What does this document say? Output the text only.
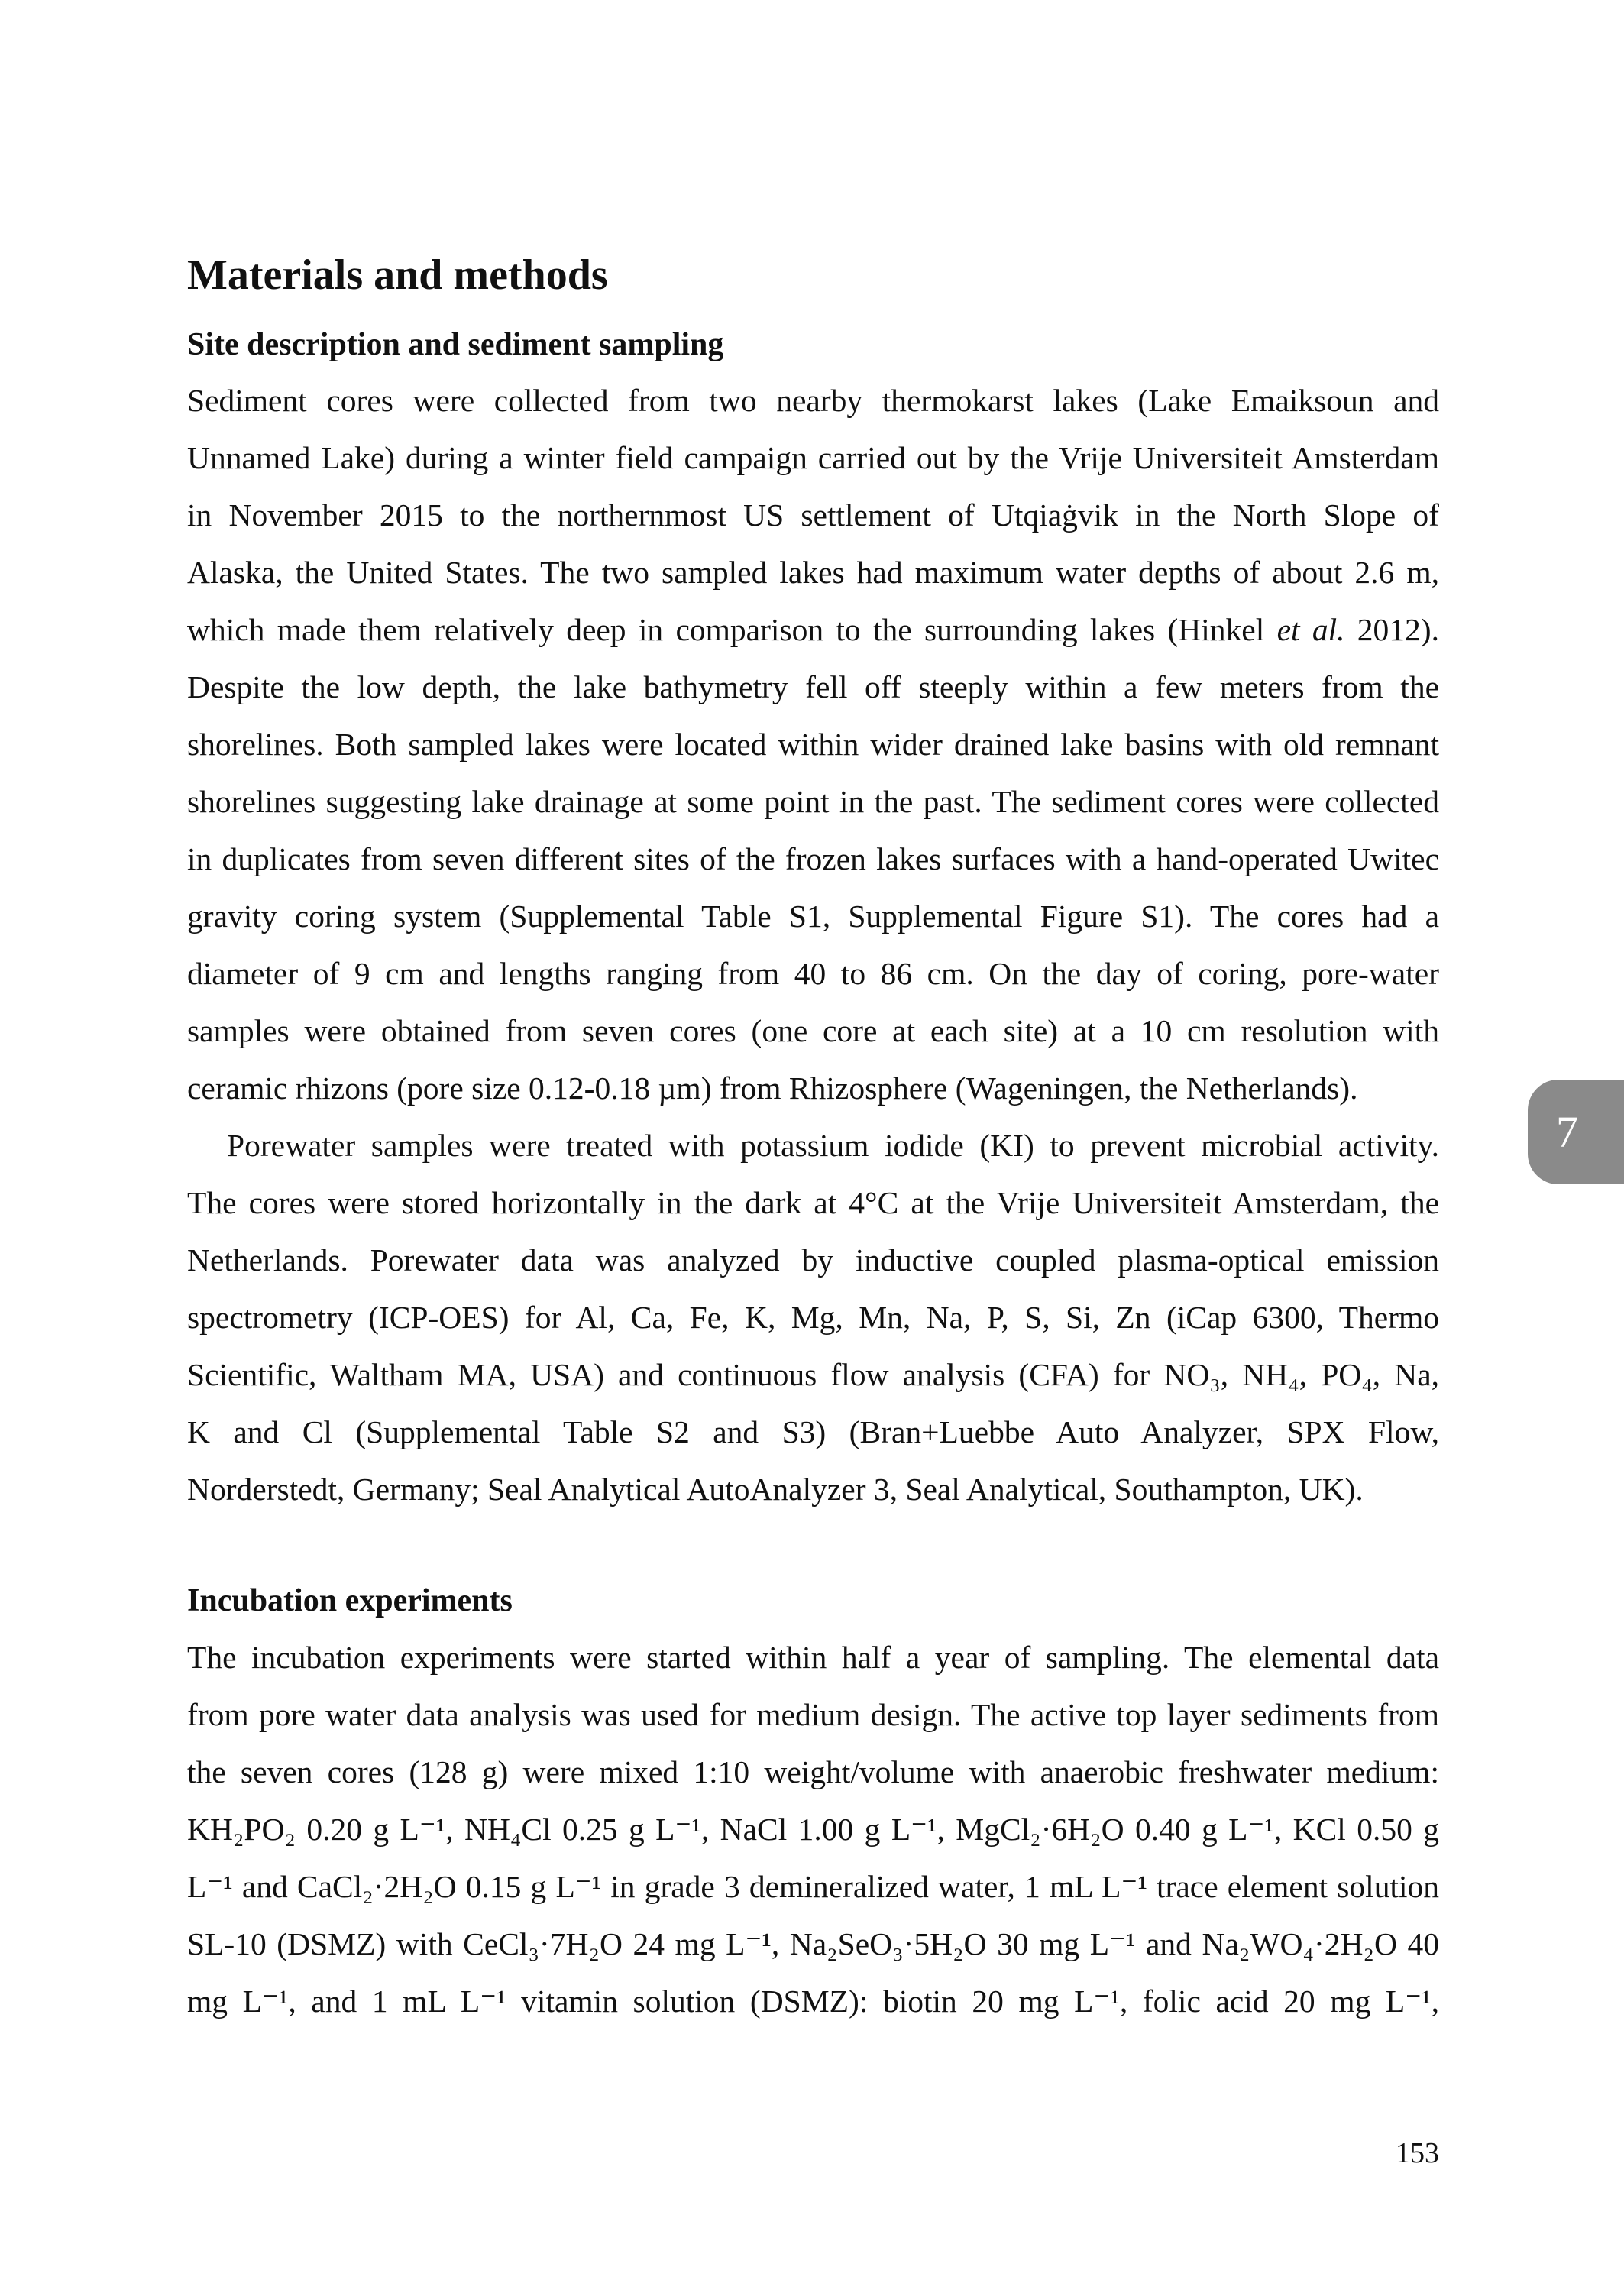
Materials and methods
Site description and sediment sampling
Sediment cores were collected from two nearby thermokarst lakes (Lake Emaiksoun and
Unnamed Lake) during a winter field campaign carried out by the Vrije Universiteit Amsterdam
in November 2015 to the northernmost US settlement of Utqiaġvik in the North Slope of
Alaska, the United States. The two sampled lakes had maximum water depths of about 2.6 m,
which made them relatively deep in comparison to the surrounding lakes (Hinkel et al. 2012).
Despite the low depth, the lake bathymetry fell off steeply within a few meters from the
shorelines. Both sampled lakes were located within wider drained lake basins with old remnant
shorelines suggesting lake drainage at some point in the past. The sediment cores were collected
in duplicates from seven different sites of the frozen lakes surfaces with a hand-operated Uwitec
gravity coring system (Supplemental Table S1, Supplemental Figure S1). The cores had a
diameter of 9 cm and lengths ranging from 40 to 86 cm. On the day of coring, pore-water
samples were obtained from seven cores (one core at each site) at a 10 cm resolution with
ceramic rhizons (pore size 0.12-0.18 µm) from Rhizosphere (Wageningen, the Netherlands).
Porewater samples were treated with potassium iodide (KI) to prevent microbial activity.
The cores were stored horizontally in the dark at 4°C at the Vrije Universiteit Amsterdam, the
Netherlands. Porewater data was analyzed by inductive coupled plasma-optical emission
spectrometry (ICP-OES) for Al, Ca, Fe, K, Mg, Mn, Na, P, S, Si, Zn (iCap 6300, Thermo
Scientific, Waltham MA, USA) and continuous flow analysis (CFA) for NO₃, NH₄, PO₄, Na,
K and Cl (Supplemental Table S2 and S3) (Bran+Luebbe Auto Analyzer, SPX Flow,
Norderstedt, Germany; Seal Analytical AutoAnalyzer 3, Seal Analytical, Southampton, UK).
Incubation experiments
The incubation experiments were started within half a year of sampling. The elemental data
from pore water data analysis was used for medium design. The active top layer sediments from
the seven cores (128 g) were mixed 1:10 weight/volume with anaerobic freshwater medium:
KH₂PO₂ 0.20 g L⁻¹, NH₄Cl 0.25 g L⁻¹, NaCl 1.00 g L⁻¹, MgCl₂·6H₂O 0.40 g L⁻¹, KCl 0.50 g
L⁻¹ and CaCl₂·2H₂O 0.15 g L⁻¹ in grade 3 demineralized water, 1 mL L⁻¹ trace element solution
SL-10 (DSMZ) with CeCl₃·7H₂O 24 mg L⁻¹, Na₂SeO₃·5H₂O 30 mg L⁻¹ and Na₂WO₄·2H₂O 40
mg L⁻¹, and 1 mL L⁻¹ vitamin solution (DSMZ): biotin 20 mg L⁻¹, folic acid 20 mg L⁻¹,
7
153
